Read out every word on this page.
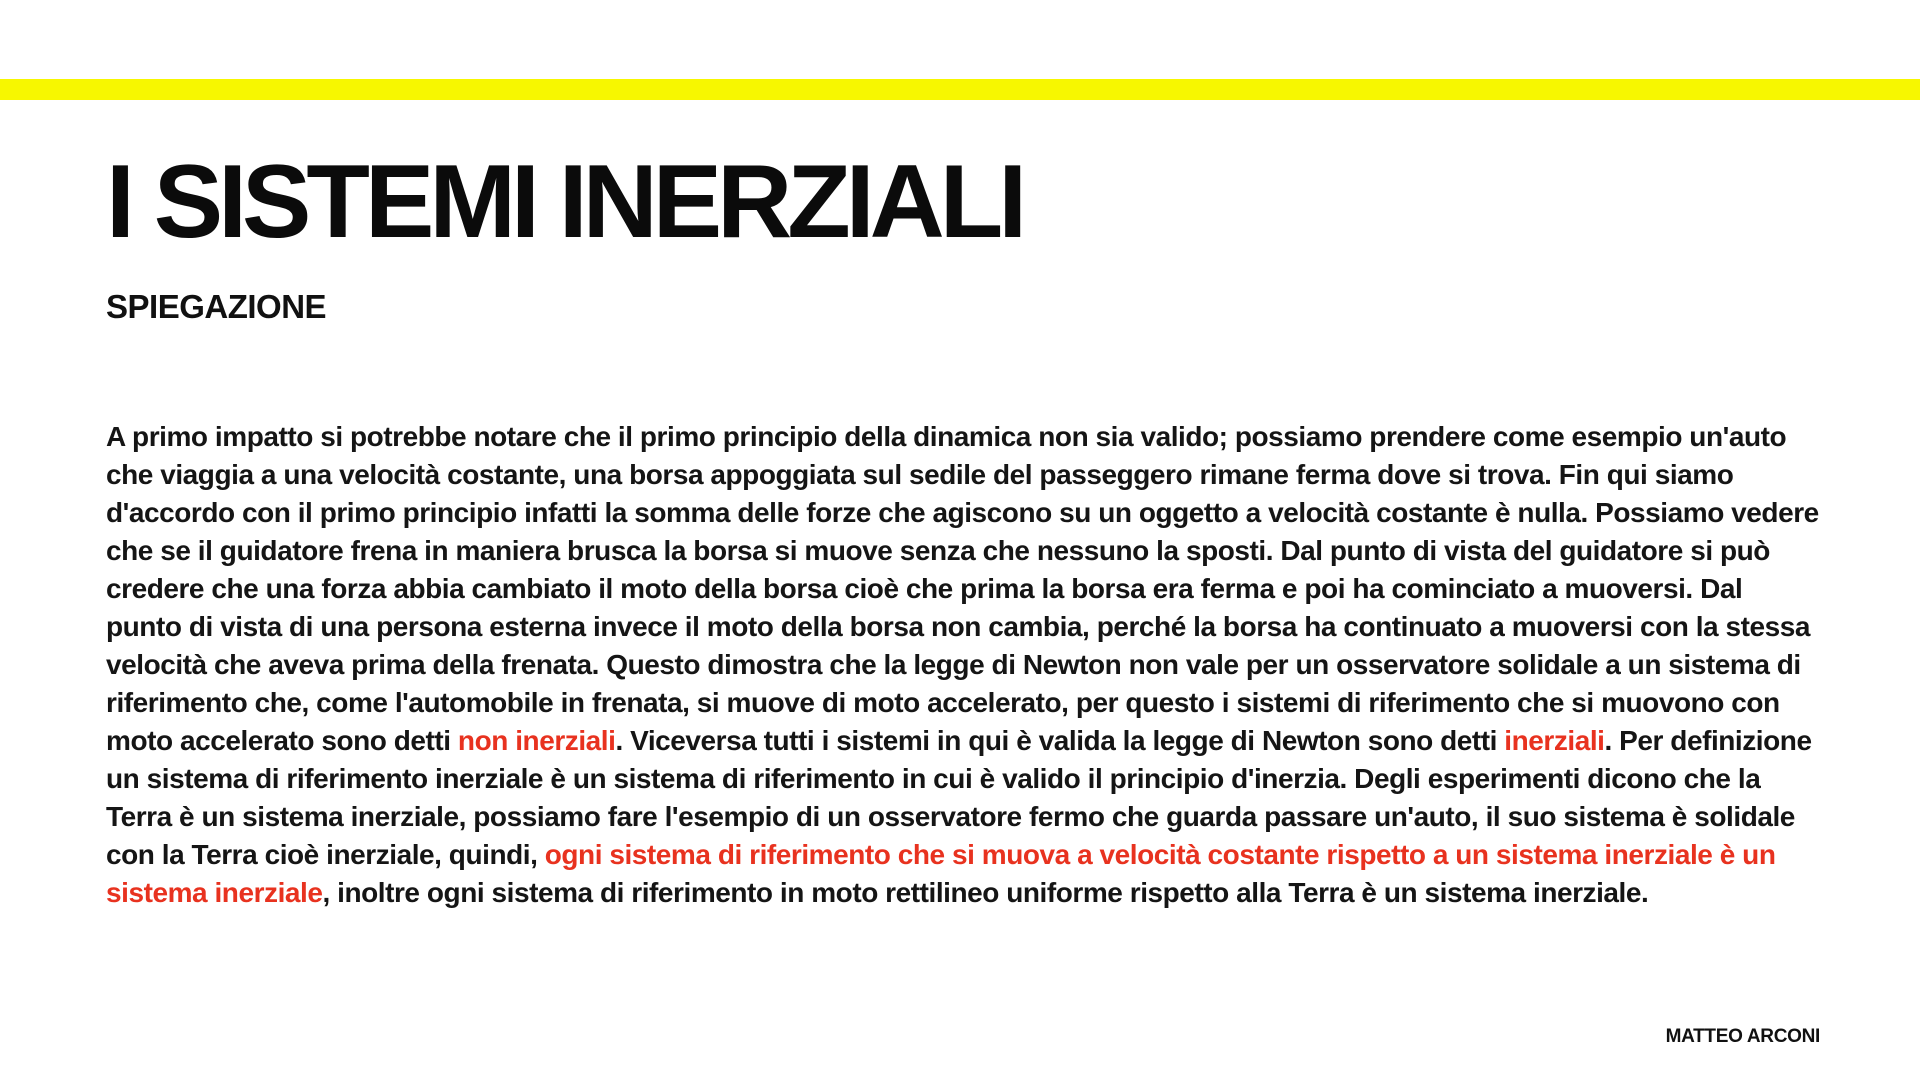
I SISTEMI INERZIALI
SPIEGAZIONE

A primo impatto si potrebbe notare che il primo principio della dinamica non sia valido; possiamo prendere come esempio un'auto che viaggia a una velocità costante, una borsa appoggiata sul sedile del passeggero rimane ferma dove si trova. Fin qui siamo d'accordo con il primo principio infatti la somma delle forze che agiscono su un oggetto a velocità costante è nulla. Possiamo vedere che se il guidatore frena in maniera brusca la borsa si muove senza che nessuno la sposti. Dal punto di vista del guidatore si può credere che una forza abbia cambiato il moto della borsa cioè che prima la borsa era ferma e poi ha cominciato a muoversi. Dal punto di vista di una persona esterna invece il moto della borsa non cambia, perché la borsa ha continuato a muoversi con la stessa velocità che aveva prima della frenata. Questo dimostra che la legge di Newton non vale per un osservatore solidale a un sistema di riferimento che, come l'automobile in frenata, si muove di moto accelerato, per questo i sistemi di riferimento che si muovono con moto accelerato sono detti non inerziali. Viceversa tutti i sistemi in qui è valida la legge di Newton sono detti inerziali. Per definizione un sistema di riferimento inerziale è un sistema di riferimento in cui è valido il principio d'inerzia. Degli esperimenti dicono che la Terra è un sistema inerziale, possiamo fare l'esempio di un osservatore fermo che guarda passare un'auto, il suo sistema è solidale con la Terra cioè inerziale, quindi, ogni sistema di riferimento che si muova a velocità costante rispetto a un sistema inerziale è un sistema inerziale, inoltre ogni sistema di riferimento in moto rettilineo uniforme rispetto alla Terra è un sistema inerziale.

MATTEO ARCONI
